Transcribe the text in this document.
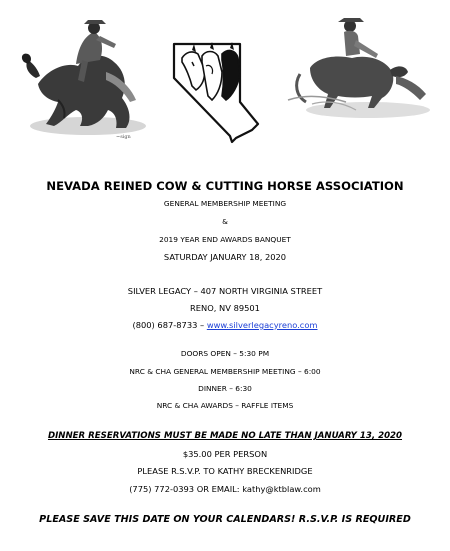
~sign
NEVADA REINED COW & CUTTING HORSE ASSOCIATION
GENERAL MEMBERSHIP MEETING
&
2019 YEAR END AWARDS BANQUET
SATURDAY JANUARY 18, 2020
SILVER LEGACY – 407 NORTH VIRGINIA STREET
RENO, NV 89501
(800) 687-8733 – www.silverlegacyreno.com
DOORS OPEN – 5:30 PM
NRC & CHA GENERAL MEMBERSHIP MEETING – 6:00
DINNER – 6:30
NRC & CHA AWARDS – RAFFLE ITEMS
DINNER RESERVATIONS MUST BE MADE NO LATE THAN JANUARY 13, 2020
$35.00 PER PERSON
PLEASE R.S.V.P. TO KATHY BRECKENRIDGE
(775) 772-0393 OR EMAIL: kathy@ktblaw.com
PLEASE SAVE THIS DATE ON YOUR CALENDARS! R.S.V.P. IS REQUIRED
